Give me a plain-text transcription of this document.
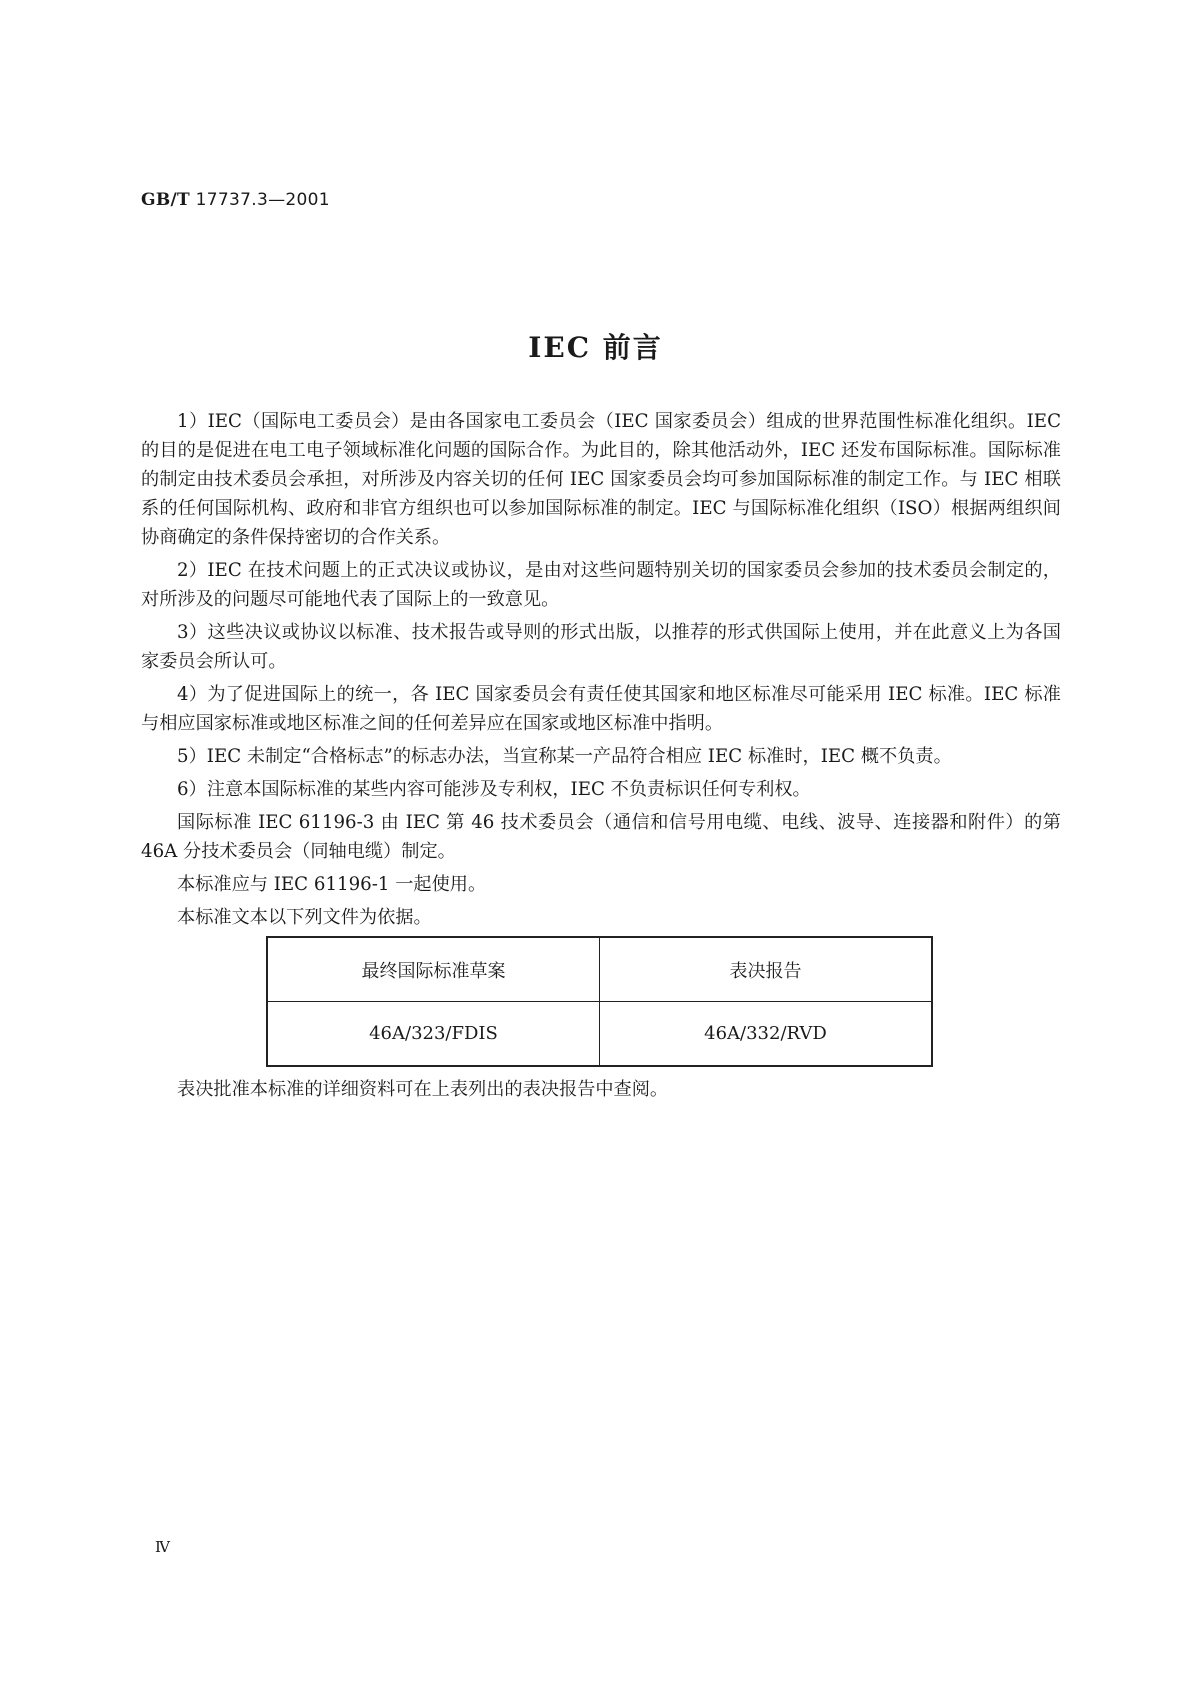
GB/T 17737.3—2001
IEC 前言

1）IEC（国际电工委员会）是由各国家电工委员会（IEC 国家委员会）组成的世界范围性标准化组织。IEC 的目的是促进在电工电子领域标准化问题的国际合作。为此目的，除其他活动外，IEC 还发布国际标准。国际标准的制定由技术委员会承担，对所涉及内容关切的任何 IEC 国家委员会均可参加国际标准的制定工作。与 IEC 相联系的任何国际机构、政府和非官方组织也可以参加国际标准的制定。IEC 与国际标准化组织（ISO）根据两组织间协商确定的条件保持密切的合作关系。

2）IEC 在技术问题上的正式决议或协议，是由对这些问题特别关切的国家委员会参加的技术委员会制定的，对所涉及的问题尽可能地代表了国际上的一致意见。

3）这些决议或协议以标准、技术报告或导则的形式出版，以推荐的形式供国际上使用，并在此意义上为各国家委员会所认可。

4）为了促进国际上的统一，各 IEC 国家委员会有责任使其国家和地区标准尽可能采用 IEC 标准。IEC 标准与相应国家标准或地区标准之间的任何差异应在国家或地区标准中指明。

5）IEC 未制定“合格标志”的标志办法，当宣称某一产品符合相应 IEC 标准时，IEC 概不负责。

6）注意本国际标准的某些内容可能涉及专利权，IEC 不负责标识任何专利权。

国际标准 IEC 61196-3 由 IEC 第 46 技术委员会（通信和信号用电缆、电线、波导、连接器和附件）的第 46A 分技术委员会（同轴电缆）制定。

本标准应与 IEC 61196-1 一起使用。

本标准文本以下列文件为依据。

最终国际标准草案	表决报告
46A/323/FDIS	46A/332/RVD

表决批准本标准的详细资料可在上表列出的表决报告中查阅。

Ⅳ
